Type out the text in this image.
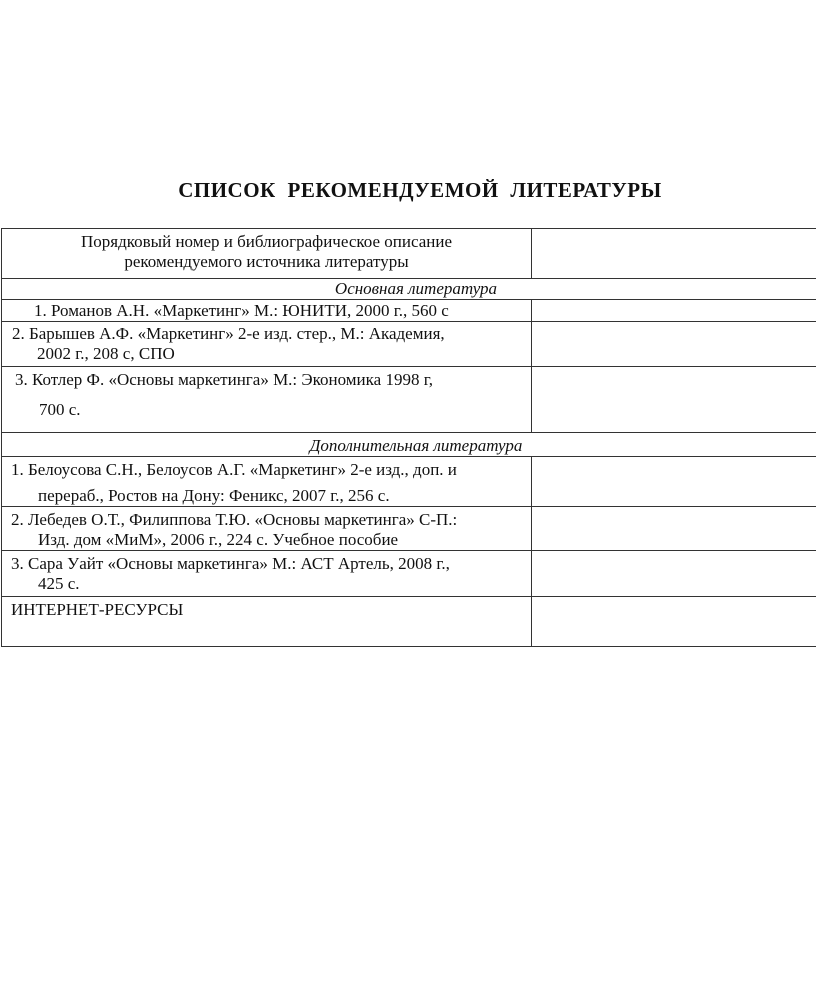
СПИСОК РЕКОМЕНДУЕМОЙ ЛИТЕРАТУРЫ
Порядковый номер и библиографическое описание
рекомендуемого источника литературы	

Основная литература	

1. Романов А.Н. «Маркетинг» М.: ЮНИТИ, 2000 г., 560 с	

2. Барышев А.Ф. «Маркетинг» 2-е изд. стер., М.: Академия,
2002 г., 208 с, СПО	

3. Котлер Ф. «Основы маркетинга» М.: Экономика 1998 г,
700 с.	

Дополнительная литература	

1. Белоусова С.Н., Белоусов А.Г. «Маркетинг» 2-е изд., доп. и
перераб., Ростов на Дону: Феникс, 2007 г., 256 с.	

2. Лебедев О.Т., Филиппова Т.Ю. «Основы маркетинга» С-П.:
Изд. дом «МиМ», 2006 г., 224 с. Учебное пособие	

3. Сара Уайт «Основы маркетинга» М.: АСТ Артель, 2008 г.,
425 с.	

ИНТЕРНЕТ-РЕСУРСЫ	
